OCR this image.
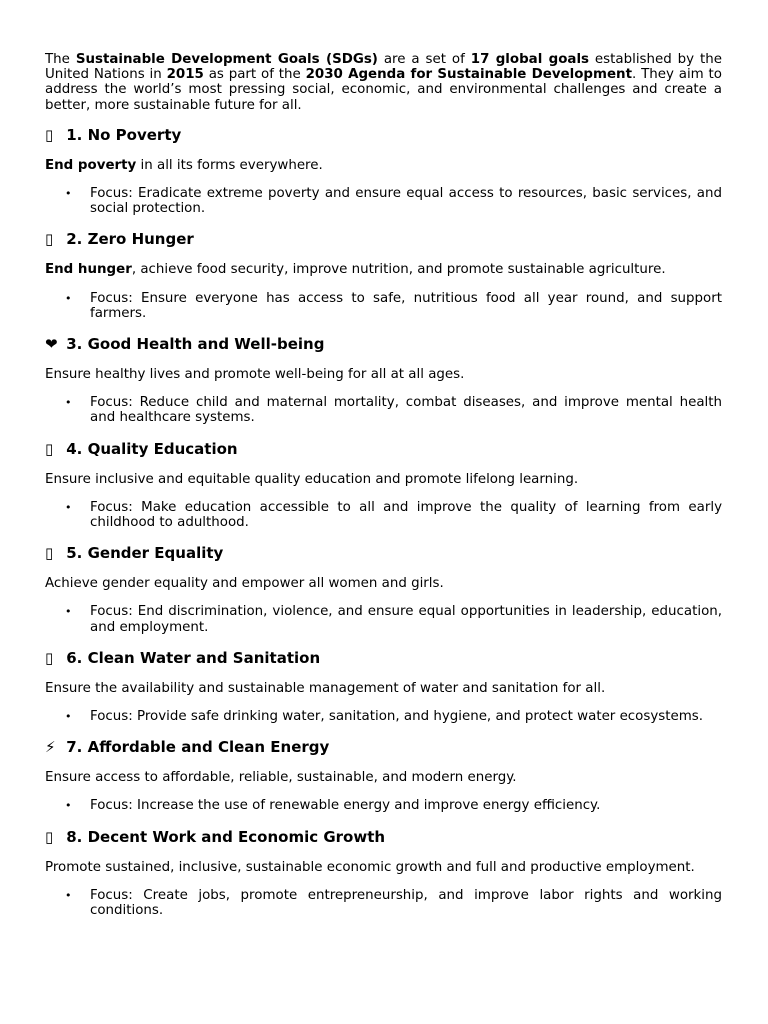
The Sustainable Development Goals (SDGs) are a set of 17 global goals established by the United Nations in 2015 as part of the 2030 Agenda for Sustainable Development. They aim to address the world’s most pressing social, economic, and environmental challenges and create a better, more sustainable future for all.

▯ 1. No Poverty

End poverty in all its forms everywhere.

• Focus: Eradicate extreme poverty and ensure equal access to resources, basic services, and social protection.
▯ 2. Zero Hunger

End hunger, achieve food security, improve nutrition, and promote sustainable agriculture.

• Focus: Ensure everyone has access to safe, nutritious food all year round, and support farmers.
❤ 3. Good Health and Well-being

Ensure healthy lives and promote well-being for all at all ages.

• Focus: Reduce child and maternal mortality, combat diseases, and improve mental health and healthcare systems.
▯ 4. Quality Education

Ensure inclusive and equitable quality education and promote lifelong learning.

• Focus: Make education accessible to all and improve the quality of learning from early childhood to adulthood.
▯ 5. Gender Equality

Achieve gender equality and empower all women and girls.

• Focus: End discrimination, violence, and ensure equal opportunities in leadership, education, and employment.
▯ 6. Clean Water and Sanitation

Ensure the availability and sustainable management of water and sanitation for all.

• Focus: Provide safe drinking water, sanitation, and hygiene, and protect water ecosystems.
⚡ 7. Affordable and Clean Energy

Ensure access to affordable, reliable, sustainable, and modern energy.

• Focus: Increase the use of renewable energy and improve energy efficiency.
▯ 8. Decent Work and Economic Growth

Promote sustained, inclusive, sustainable economic growth and full and productive employment.

• Focus: Create jobs, promote entrepreneurship, and improve labor rights and working conditions.
